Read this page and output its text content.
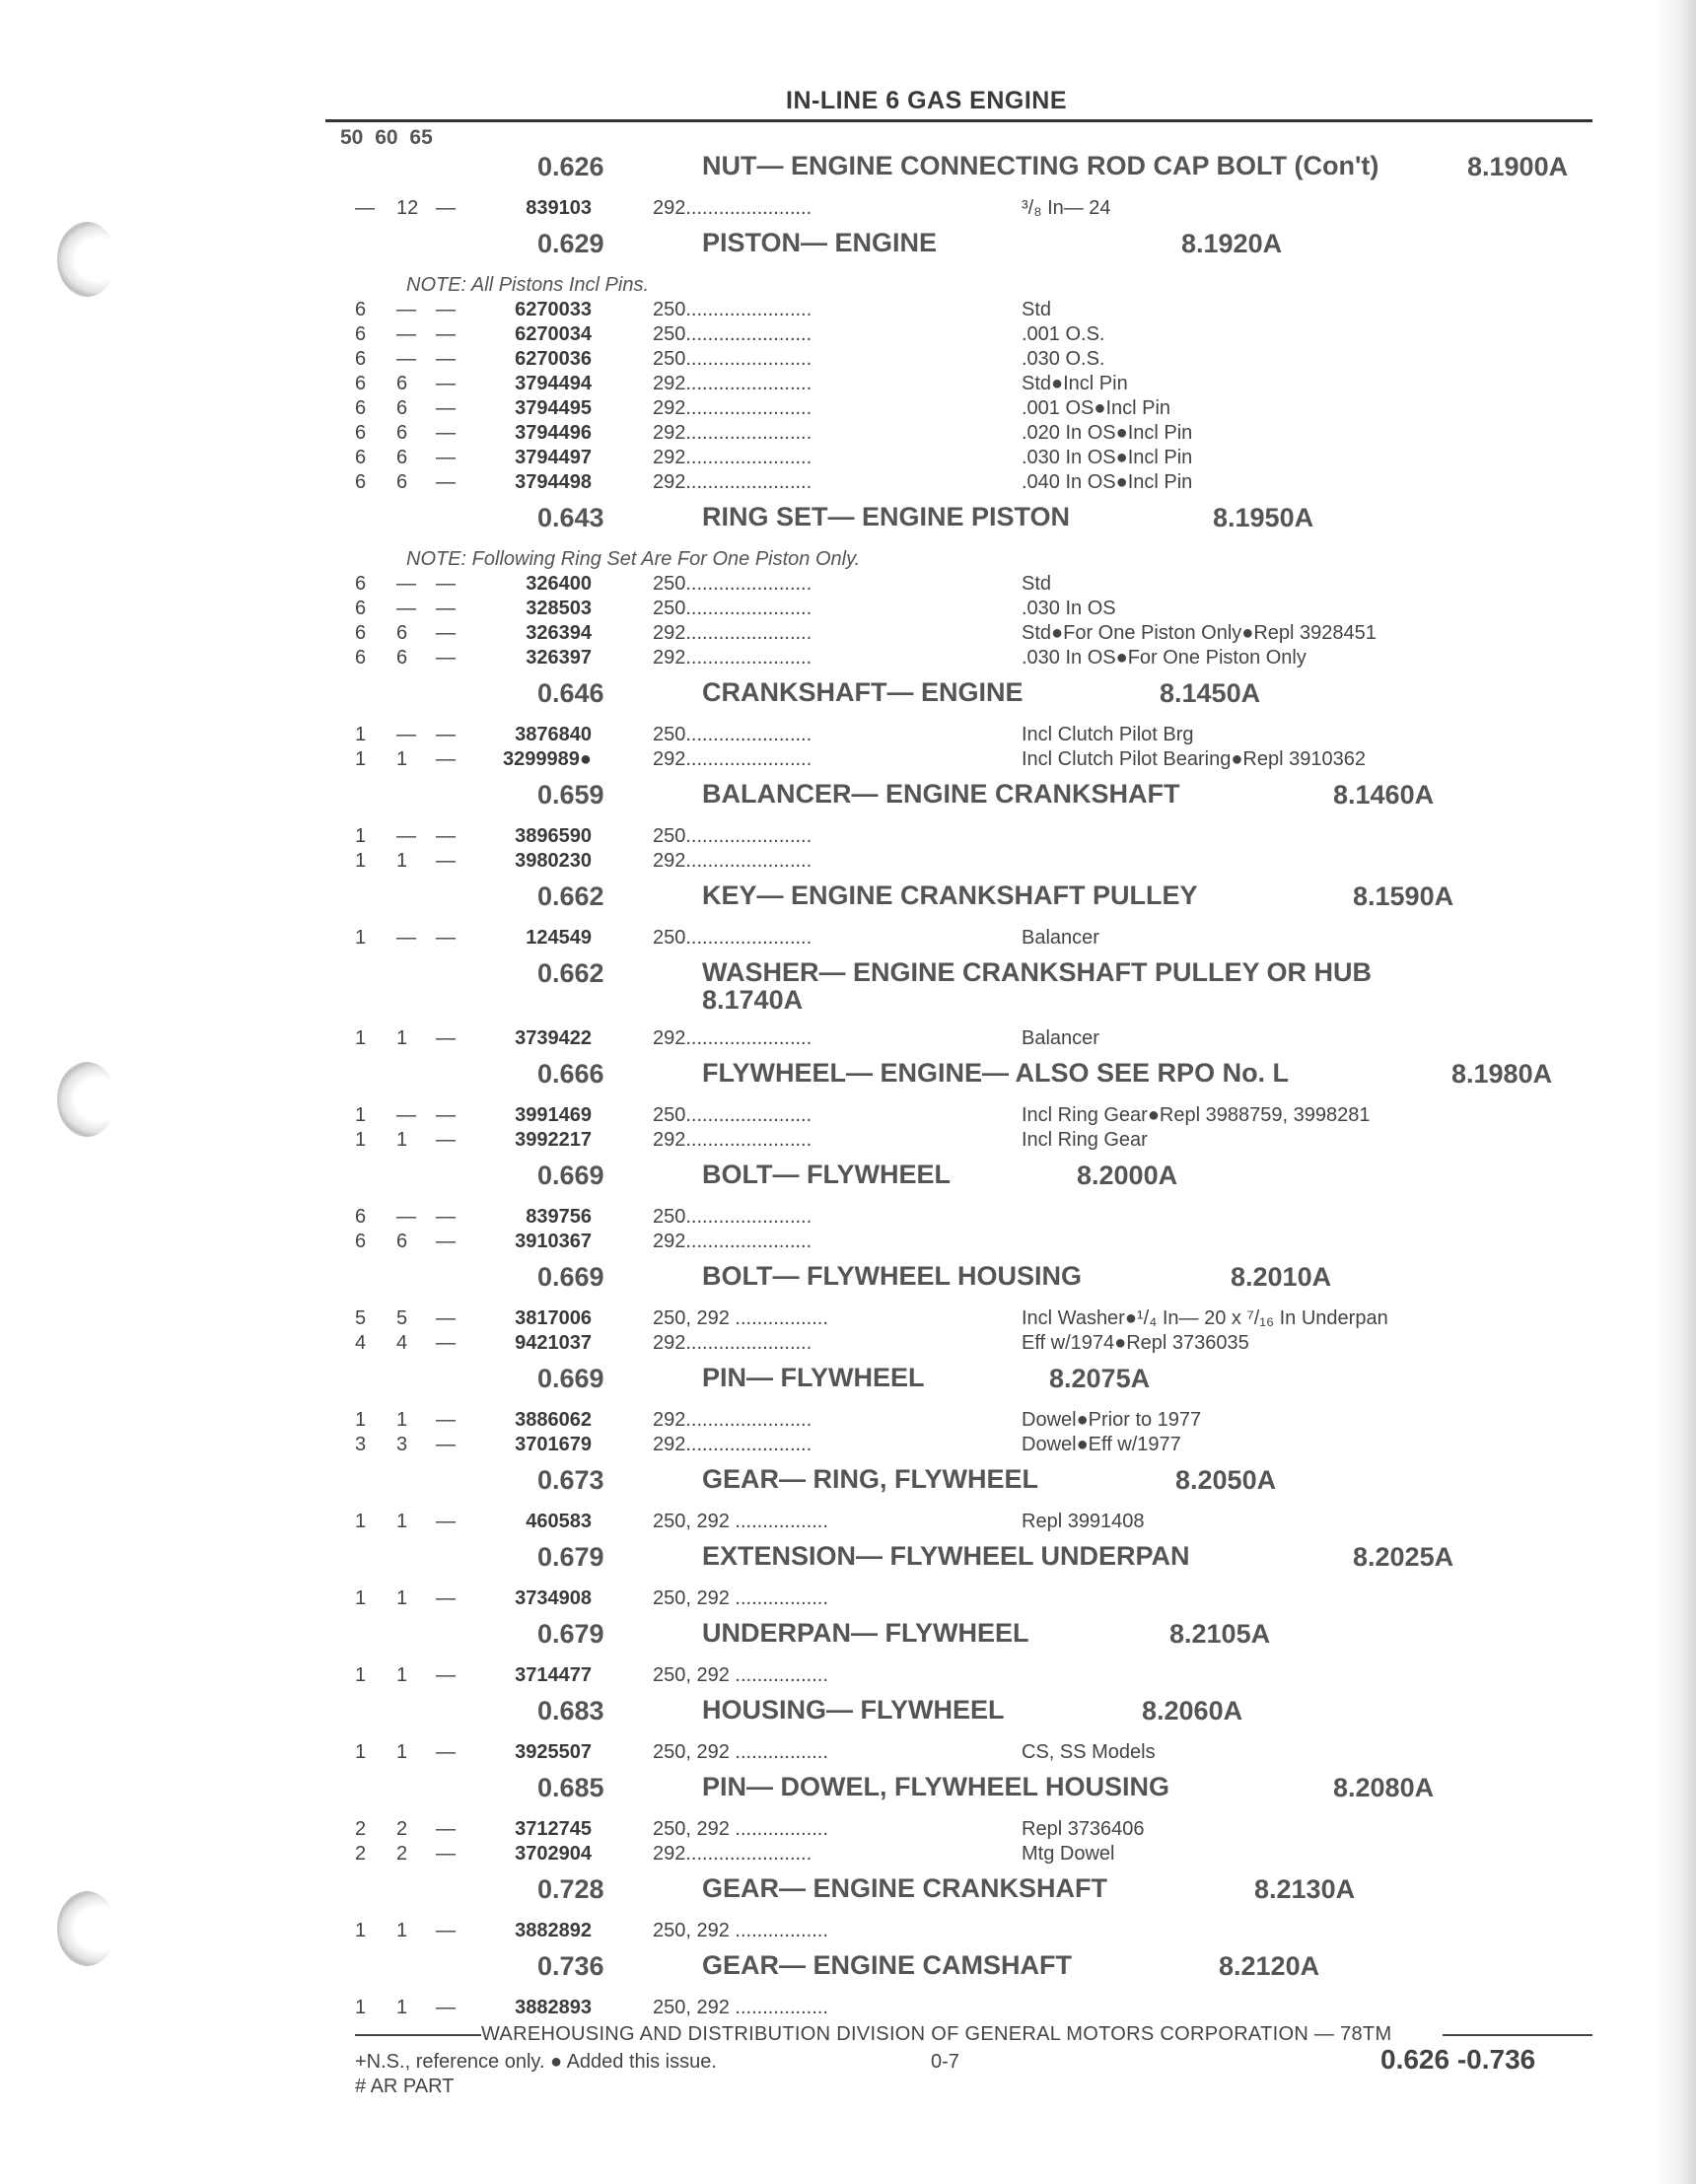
IN-LINE 6 GAS ENGINE
50 60 65
0.626	NUT— ENGINE CONNECTING ROD CAP BOLT (Con't)	8.1900A
— 12 —	839103	292.......................	³/₈ In— 24
0.629	PISTON— ENGINE	8.1920A
NOTE: All Pistons Incl Pins.
6 — —	6270033	250.......................	Std
6 — —	6270034	250.......................	.001 O.S.
6 — —	6270036	250.......................	.030 O.S.
6 6 —	3794494	292.......................	Std●Incl Pin
6 6 —	3794495	292.......................	.001 OS●Incl Pin
6 6 —	3794496	292.......................	.020 In OS●Incl Pin
6 6 —	3794497	292.......................	.030 In OS●Incl Pin
6 6 —	3794498	292.......................	.040 In OS●Incl Pin
0.643	RING SET— ENGINE PISTON	8.1950A
NOTE: Following Ring Set Are For One Piston Only.
6 — —	326400	250.......................	Std
6 — —	328503	250.......................	.030 In OS
6 6 —	326394	292.......................	Std●For One Piston Only●Repl 3928451
6 6 —	326397	292.......................	.030 In OS●For One Piston Only
0.646	CRANKSHAFT— ENGINE	8.1450A
1 — —	3876840	250.......................	Incl Clutch Pilot Brg
1 1 —	3299989●	292.......................	Incl Clutch Pilot Bearing●Repl 3910362
0.659	BALANCER— ENGINE CRANKSHAFT	8.1460A
1 — —	3896590	250.......................
1 1 —	3980230	292.......................
0.662	KEY— ENGINE CRANKSHAFT PULLEY	8.1590A
1 — —	124549	250.......................	Balancer
0.662	WASHER— ENGINE CRANKSHAFT PULLEY OR HUB 8.1740A
1 1 —	3739422	292.......................	Balancer
0.666	FLYWHEEL— ENGINE— ALSO SEE RPO No. L	8.1980A
1 — —	3991469	250.......................	Incl Ring Gear●Repl 3988759, 3998281
1 1 —	3992217	292.......................	Incl Ring Gear
0.669	BOLT— FLYWHEEL	8.2000A
6 — —	839756	250.......................
6 6 —	3910367	292.......................
0.669	BOLT— FLYWHEEL HOUSING	8.2010A
5 5 —	3817006	250, 292 .................	Incl Washer●¹/₄ In— 20 x ⁷/₁₆ In Underpan
4 4 —	9421037	292.......................	Eff w/1974●Repl 3736035
0.669	PIN— FLYWHEEL	8.2075A
1 1 —	3886062	292.......................	Dowel●Prior to 1977
3 3 —	3701679	292.......................	Dowel●Eff w/1977
0.673	GEAR— RING, FLYWHEEL	8.2050A
1 1 —	460583	250, 292 .................	Repl 3991408
0.679	EXTENSION— FLYWHEEL UNDERPAN	8.2025A
1 1 —	3734908	250, 292 .................
0.679	UNDERPAN— FLYWHEEL	8.2105A
1 1 —	3714477	250, 292 .................
0.683	HOUSING— FLYWHEEL	8.2060A
1 1 —	3925507	250, 292 .................	CS, SS Models
0.685	PIN— DOWEL, FLYWHEEL HOUSING	8.2080A
2 2 —	3712745	250, 292 .................	Repl 3736406
2 2 —	3702904	292.......................	Mtg Dowel
0.728	GEAR— ENGINE CRANKSHAFT	8.2130A
1 1 —	3882892	250, 292 .................
0.736	GEAR— ENGINE CAMSHAFT	8.2120A
1 1 —	3882893	250, 292 .................
WAREHOUSING AND DISTRIBUTION DIVISION OF GENERAL MOTORS CORPORATION — 78TM
+N.S., reference only. ● Added this issue.
# AR PART
0-7	0.626 -0.736
